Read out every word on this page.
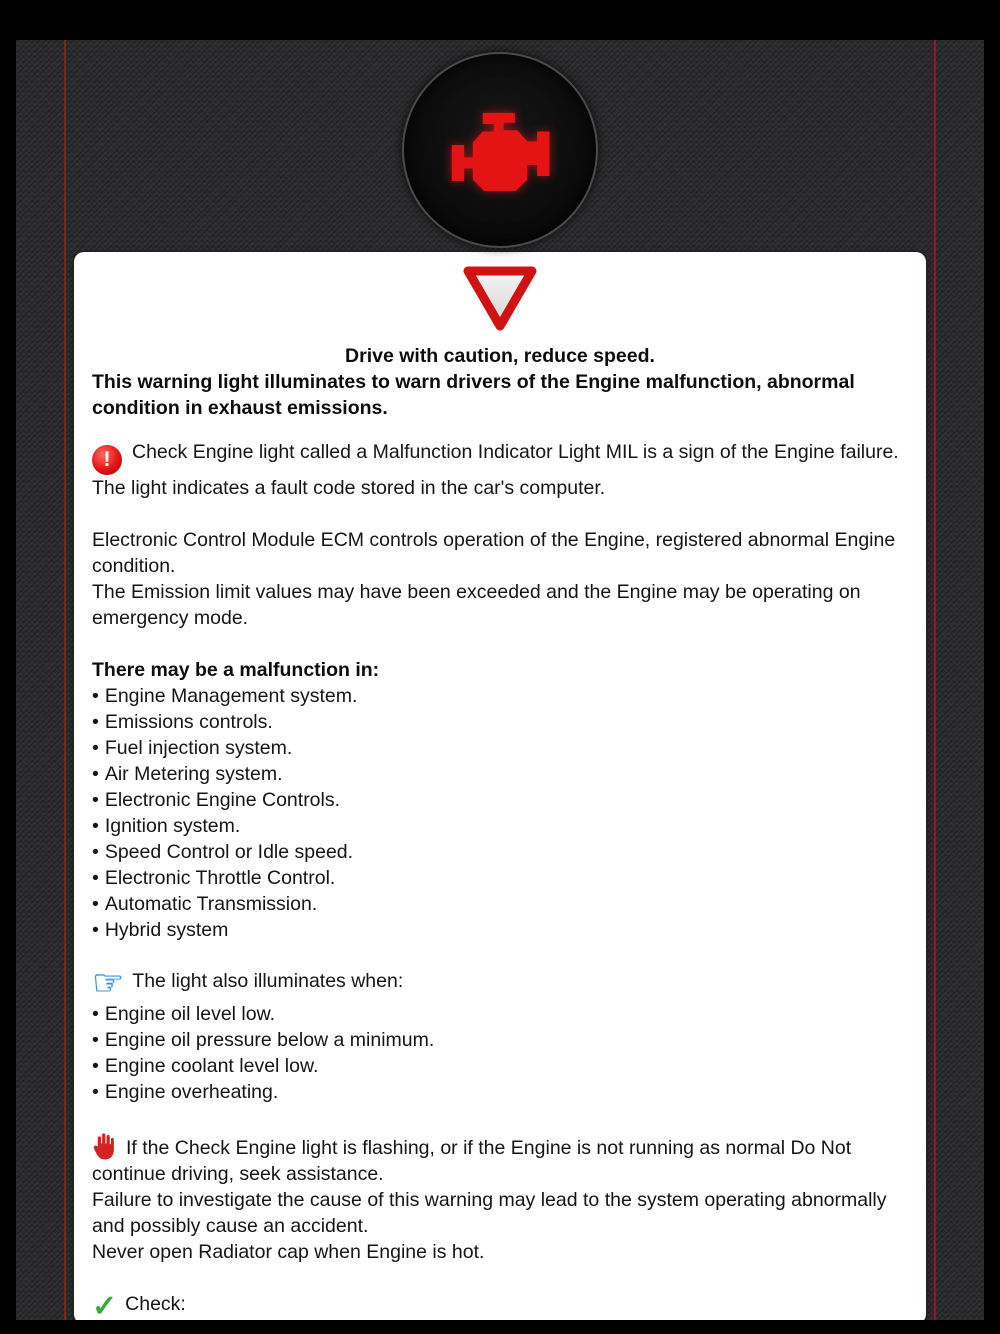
Drive with caution, reduce speed.

This warning light illuminates to warn drivers of the Engine malfunction, abnormal condition in exhaust emissions.

! Check Engine light called a Malfunction Indicator Light MIL is a sign of the Engine failure.

The light indicates a fault code stored in the car's computer.

Electronic Control Module ECM controls operation of the Engine, registered abnormal Engine condition.

The Emission limit values may have been exceeded and the Engine may be operating on emergency mode.

There may be a malfunction in:

• Engine Management system.
• Emissions controls.
• Fuel injection system.
• Air Metering system.
• Electronic Engine Controls.
• Ignition system.
• Speed Control or Idle speed.
• Electronic Throttle Control.
• Automatic Transmission.
• Hybrid system

☞ The light also illuminates when:

• Engine oil level low.
• Engine oil pressure below a minimum.
• Engine coolant level low.
• Engine overheating.

If the Check Engine light is flashing, or if the Engine is not running as normal Do Not continue driving, seek assistance.

Failure to investigate the cause of this warning may lead to the system operating abnormally and possibly cause an accident.

Never open Radiator cap when Engine is hot.

✓ Check:
